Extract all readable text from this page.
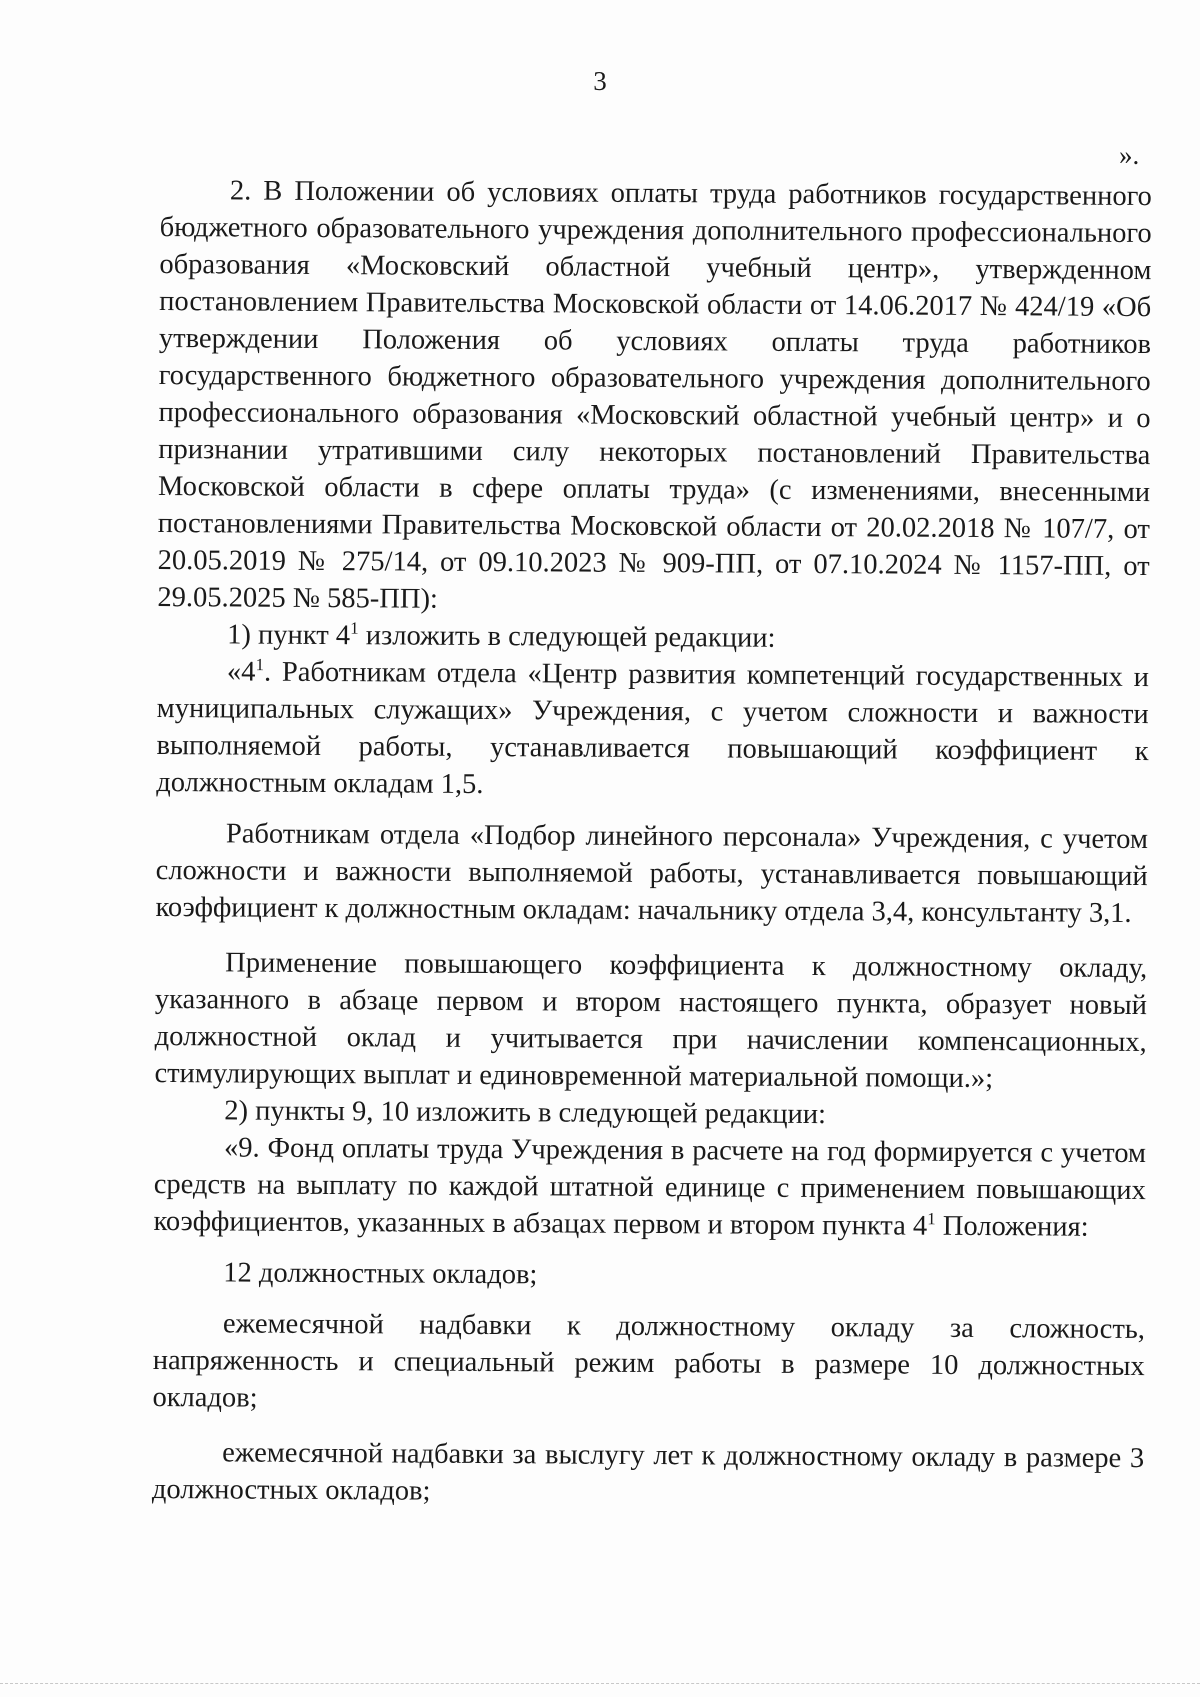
3
».

2. В Положении об условиях оплаты труда работников государственного бюджетного образовательного учреждения дополнительного профессионального образования «Московский областной учебный центр», утвержденном постановлением Правительства Московской области от 14.06.2017 № 424/19 «Об утверждении Положения об условиях оплаты труда работников государственного бюджетного образовательного учреждения дополнительного профессионального образования «Московский областной учебный центр» и о признании утратившими силу некоторых постановлений Правительства Московской области в сфере оплаты труда» (с изменениями, внесенными постановлениями Правительства Московской области от 20.02.2018 № 107/7, от 20.05.2019 № 275/14, от 09.10.2023 № 909-ПП, от 07.10.2024 № 1157-ПП, от 29.05.2025 № 585-ПП):

1) пункт $4^1$ изложить в следующей редакции:

«$4^1$. Работникам отдела «Центр развития компетенций государственных и муниципальных служащих» Учреждения, с учетом сложности и важности выполняемой работы, устанавливается повышающий коэффициент к должностным окладам 1,5.

Работникам отдела «Подбор линейного персонала» Учреждения, с учетом сложности и важности выполняемой работы, устанавливается повышающий коэффициент к должностным окладам: начальнику отдела 3,4, консультанту 3,1.

Применение повышающего коэффициента к должностному окладу, указанного в абзаце первом и втором настоящего пункта, образует новый должностной оклад и учитывается при начислении компенсационных, стимулирующих выплат и единовременной материальной помощи.»;

2) пункты 9, 10 изложить в следующей редакции:

«9. Фонд оплаты труда Учреждения в расчете на год формируется с учетом средств на выплату по каждой штатной единице с применением повышающих коэффициентов, указанных в абзацах первом и втором пункта $4^1$ Положения:

12 должностных окладов;

ежемесячной надбавки к должностному окладу за сложность, напряженность и специальный режим работы в размере 10 должностных окладов;

ежемесячной надбавки за выслугу лет к должностному окладу в размере 3 должностных окладов;
